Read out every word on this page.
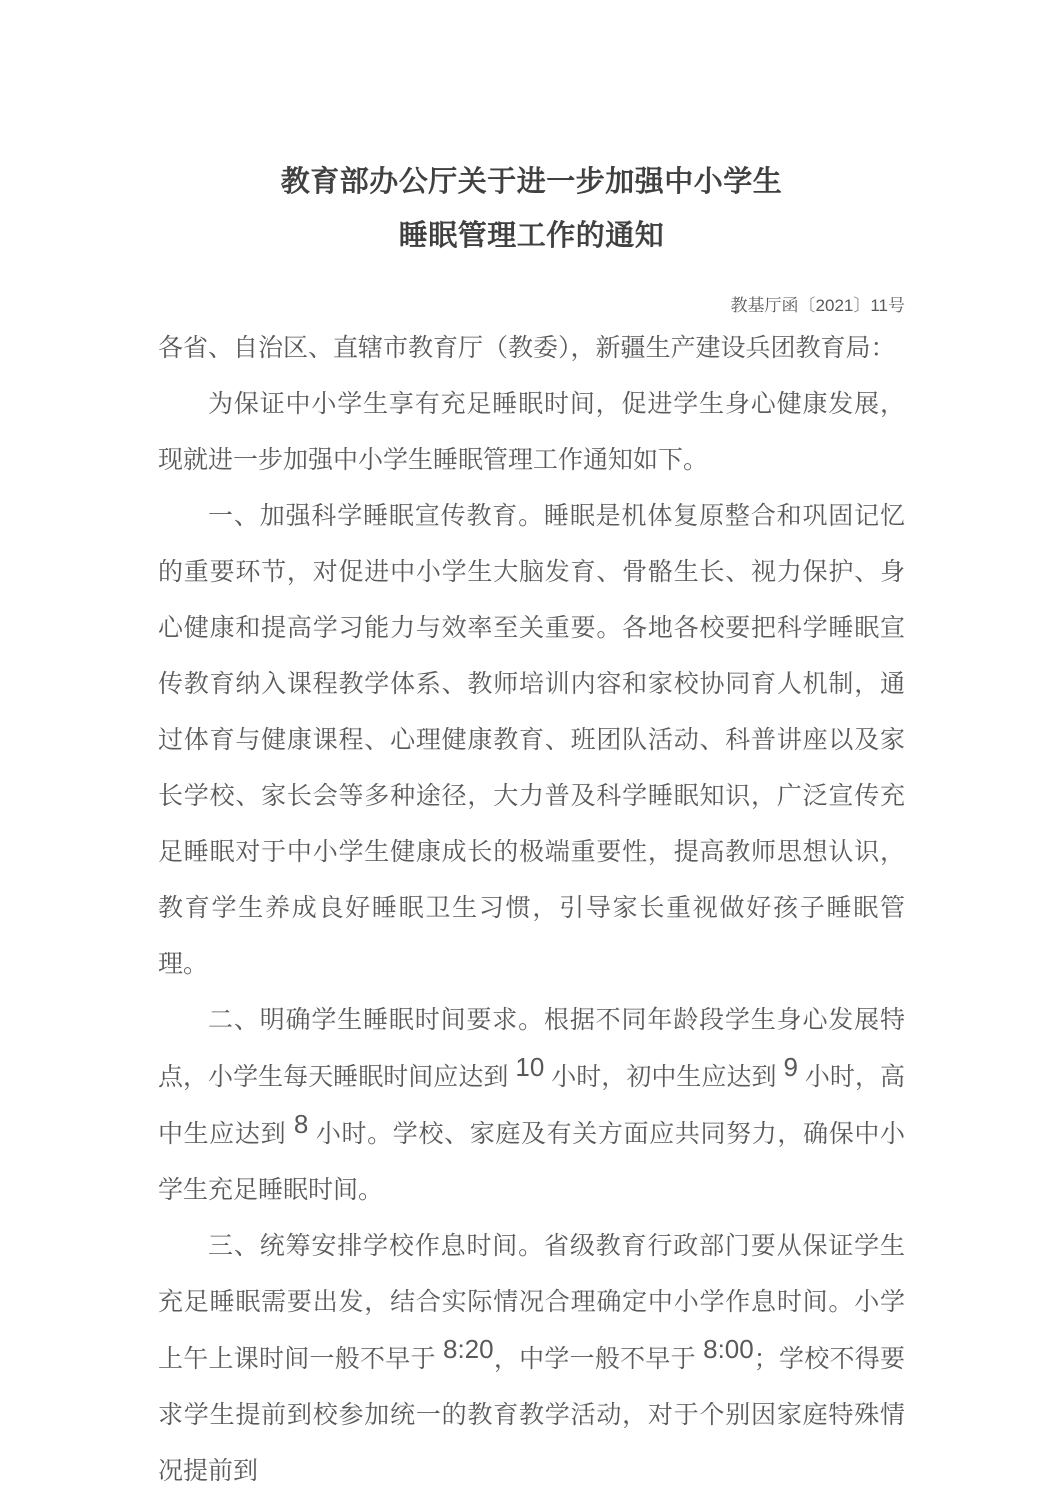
教育部办公厅关于进一步加强中小学生
睡眠管理工作的通知
教基厅函〔2021〕11号

各省、自治区、直辖市教育厅（教委），新疆生产建设兵团教育局：

为保证中小学生享有充足睡眠时间，促进学生身心健康发展，现就进一步加强中小学生睡眠管理工作通知如下。

一、加强科学睡眠宣传教育。睡眠是机体复原整合和巩固记忆的重要环节，对促进中小学生大脑发育、骨骼生长、视力保护、身心健康和提高学习能力与效率至关重要。各地各校要把科学睡眠宣传教育纳入课程教学体系、教师培训内容和家校协同育人机制，通过体育与健康课程、心理健康教育、班团队活动、科普讲座以及家长学校、家长会等多种途径，大力普及科学睡眠知识，广泛宣传充足睡眠对于中小学生健康成长的极端重要性，提高教师思想认识，教育学生养成良好睡眠卫生习惯，引导家长重视做好孩子睡眠管理。

二、明确学生睡眠时间要求。根据不同年龄段学生身心发展特点，小学生每天睡眠时间应达到 10 小时，初中生应达到 9 小时，高中生应达到 8 小时。学校、家庭及有关方面应共同努力，确保中小学生充足睡眠时间。

三、统筹安排学校作息时间。省级教育行政部门要从保证学生充足睡眠需要出发，结合实际情况合理确定中小学作息时间。小学上午上课时间一般不早于 8:20，中学一般不早于 8:00；学校不得要求学生提前到校参加统一的教育教学活动，对于个别因家庭特殊情况提前到
